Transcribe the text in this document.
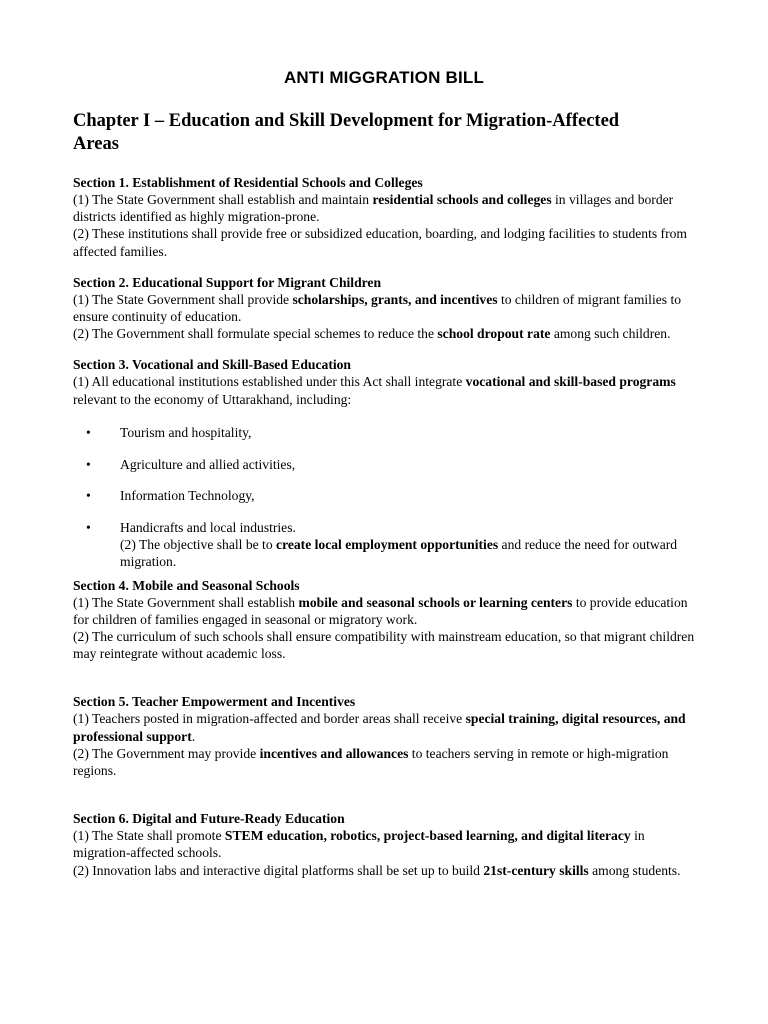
ANTI MIGGRATION BILL
Chapter I – Education and Skill Development for Migration-Affected
Areas

Section 1. Establishment of Residential Schools and Colleges

(1) The State Government shall establish and maintain residential schools and colleges in villages and border districts identified as highly migration-prone.

(2) These institutions shall provide free or subsidized education, boarding, and lodging facilities to students from affected families.

Section 2. Educational Support for Migrant Children

(1) The State Government shall provide scholarships, grants, and incentives to children of migrant families to ensure continuity of education.

(2) The Government shall formulate special schemes to reduce the school dropout rate among such children.

Section 3. Vocational and Skill-Based Education

(1) All educational institutions established under this Act shall integrate vocational and skill-based programs relevant to the economy of Uttarakhand, including:

• Tourism and hospitality,
• Agriculture and allied activities,
• Information Technology,
• Handicrafts and local industries.
(2) The objective shall be to create local employment opportunities and reduce the need for outward migration.

Section 4. Mobile and Seasonal Schools

(1) The State Government shall establish mobile and seasonal schools or learning centers to provide education for children of families engaged in seasonal or migratory work.

(2) The curriculum of such schools shall ensure compatibility with mainstream education, so that migrant children may reintegrate without academic loss.

Section 5. Teacher Empowerment and Incentives

(1) Teachers posted in migration-affected and border areas shall receive special training, digital resources, and professional support.

(2) The Government may provide incentives and allowances to teachers serving in remote or high-migration regions.

Section 6. Digital and Future-Ready Education

(1) The State shall promote STEM education, robotics, project-based learning, and digital literacy in migration-affected schools.

(2) Innovation labs and interactive digital platforms shall be set up to build 21st-century skills among students.
